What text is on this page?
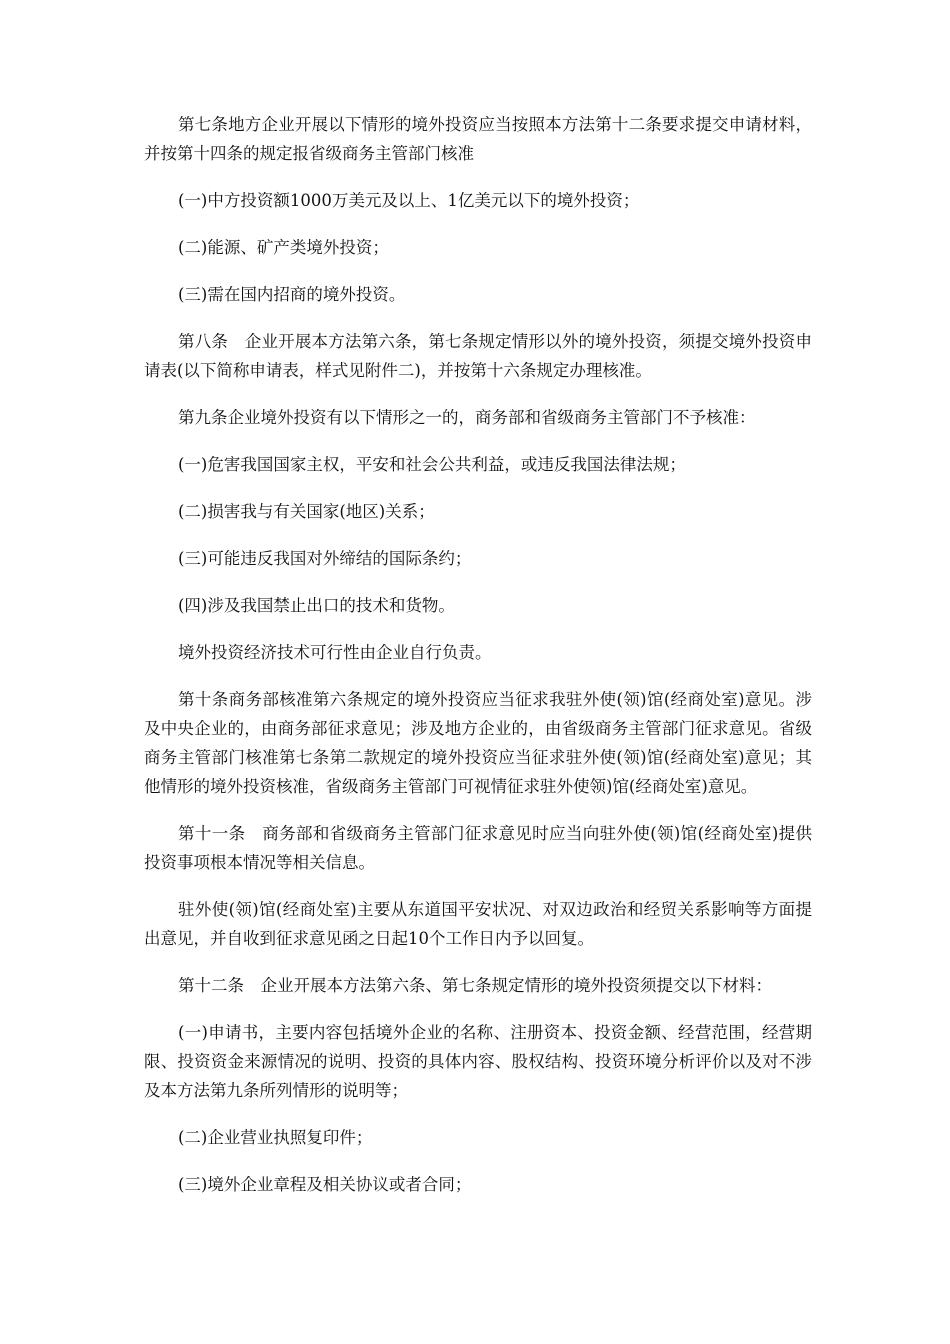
第七条地方企业开展以下情形的境外投资应当按照本方法第十二条要求提交申请材料，并按第十四条的规定报省级商务主管部门核准

(一)中方投资额1000万美元及以上、1亿美元以下的境外投资；

(二)能源、矿产类境外投资；

(三)需在国内招商的境外投资。

第八条　企业开展本方法第六条，第七条规定情形以外的境外投资，须提交境外投资申请表(以下简称申请表，样式见附件二)，并按第十六条规定办理核准。

第九条企业境外投资有以下情形之一的，商务部和省级商务主管部门不予核准：

(一)危害我国国家主权，平安和社会公共利益，或违反我国法律法规；

(二)损害我与有关国家(地区)关系；

(三)可能违反我国对外缔结的国际条约；

(四)涉及我国禁止出口的技术和货物。

境外投资经济技术可行性由企业自行负责。

第十条商务部核准第六条规定的境外投资应当征求我驻外使(领)馆(经商处室)意见。涉及中央企业的，由商务部征求意见；涉及地方企业的，由省级商务主管部门征求意见。省级商务主管部门核准第七条第二款规定的境外投资应当征求驻外使(领)馆(经商处室)意见；其他情形的境外投资核准，省级商务主管部门可视情征求驻外使领)馆(经商处室)意见。

第十一条　商务部和省级商务主管部门征求意见时应当向驻外使(领)馆(经商处室)提供投资事项根本情况等相关信息。

驻外使(领)馆(经商处室)主要从东道国平安状况、对双边政治和经贸关系影响等方面提出意见，并自收到征求意见函之日起10个工作日内予以回复。

第十二条　企业开展本方法第六条、第七条规定情形的境外投资须提交以下材料：

(一)申请书，主要内容包括境外企业的名称、注册资本、投资金额、经营范围，经营期限、投资资金来源情况的说明、投资的具体内容、股权结构、投资环境分析评价以及对不涉及本方法第九条所列情形的说明等；

(二)企业营业执照复印件；

(三)境外企业章程及相关协议或者合同；
